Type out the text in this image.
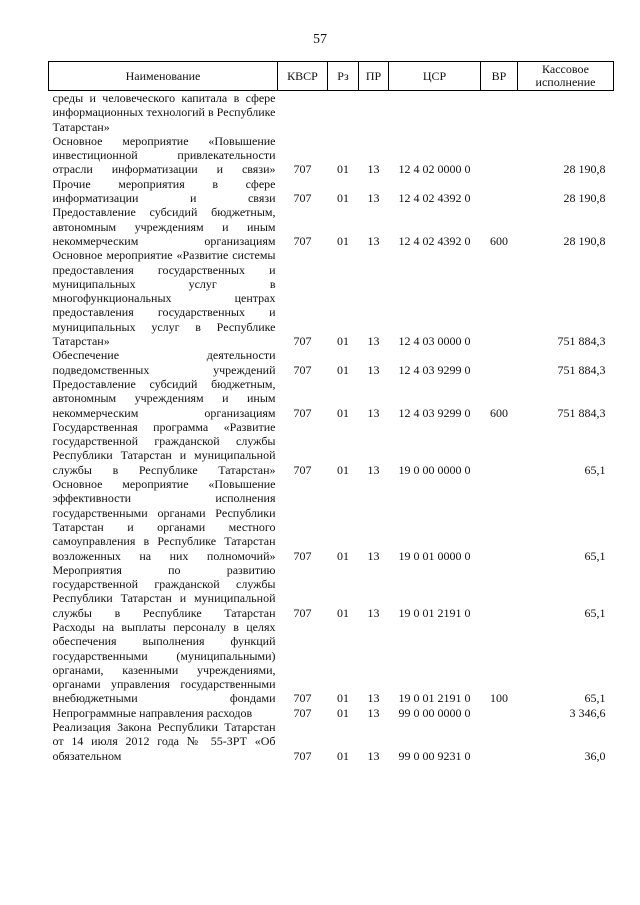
57
Наименование	КВСР	Рз	ПР	ЦСР	ВР	Кассовое исполнение
среды и человеческого капитала в сфере информационных технологий в Республике Татарстан»						
Основное мероприятие «Повышение инвестиционной привлекательности отрасли информатизации и связи»	707	01	13	12 4 02 0000 0		28 190,8
Прочие мероприятия в сфере информатизации и связи	707	01	13	12 4 02 4392 0		28 190,8
Предоставление субсидий бюджетным, автономным учреждениям и иным некоммерческим организациям	707	01	13	12 4 02 4392 0	600	28 190,8
Основное мероприятие «Развитие системы предоставления государственных и муниципальных услуг в многофункциональных центрах предоставления государственных и муниципальных услуг в Республике Татарстан»	707	01	13	12 4 03 0000 0		751 884,3
Обеспечение деятельности подведомственных учреждений	707	01	13	12 4 03 9299 0		751 884,3
Предоставление субсидий бюджетным, автономным учреждениям и иным некоммерческим организациям	707	01	13	12 4 03 9299 0	600	751 884,3
Государственная программа «Развитие государственной гражданской службы Республики Татарстан и муниципальной службы в Республике Татарстан»	707	01	13	19 0 00 0000 0		65,1
Основное мероприятие «Повышение эффективности исполнения государственными органами Республики Татарстан и органами местного самоуправления в Республике Татарстан возложенных на них полномочий»	707	01	13	19 0 01 0000 0		65,1
Мероприятия по развитию государственной гражданской службы Республики Татарстан и муниципальной службы в Республике Татарстан	707	01	13	19 0 01 2191 0		65,1
Расходы на выплаты персоналу в целях обеспечения выполнения функций государственными (муниципальными) органами, казенными учреждениями, органами управления государственными внебюджетными фондами	707	01	13	19 0 01 2191 0	100	65,1
Непрограммные направления расходов	707	01	13	99 0 00 0000 0		3 346,6
Реализация Закона Республики Татарстан от 14 июля 2012 года № 55-ЗРТ «Об обязательном	707	01	13	99 0 00 9231 0		36,0
